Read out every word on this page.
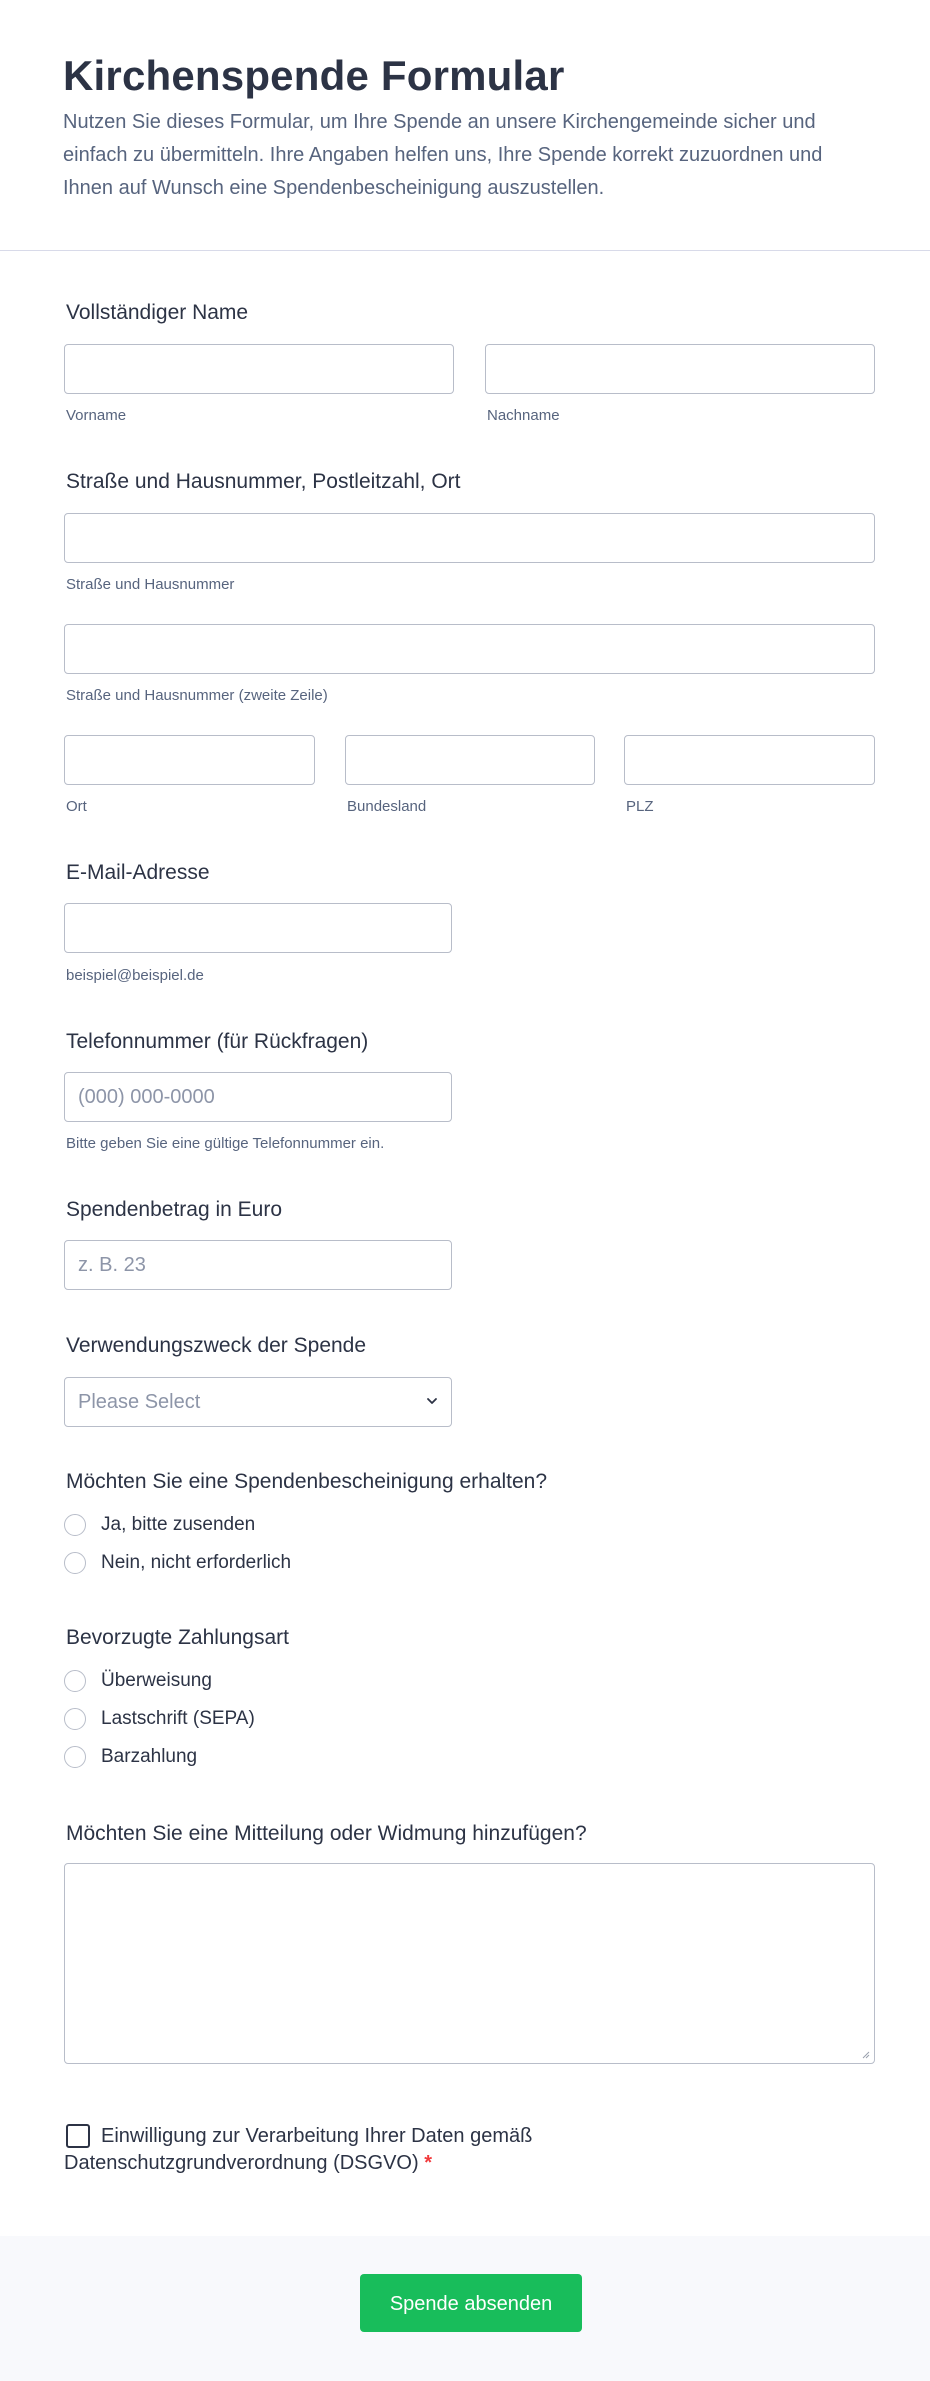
Kirchenspende Formular
Nutzen Sie dieses Formular, um Ihre Spende an unsere Kirchengemeinde sicher und einfach zu übermitteln. Ihre Angaben helfen uns, Ihre Spende korrekt zuzuordnen und Ihnen auf Wunsch eine Spendenbescheinigung auszustellen.
Vollständiger Name
Vorname	Nachname
Straße und Hausnummer, Postleitzahl, Ort
Straße und Hausnummer
Straße und Hausnummer (zweite Zeile)
Ort	Bundesland	PLZ
E-Mail-Adresse
beispiel@beispiel.de
Telefonnummer (für Rückfragen)
(000) 000-0000
Bitte geben Sie eine gültige Telefonnummer ein.
Spendenbetrag in Euro
z. B. 23
Verwendungszweck der Spende
Please Select
Möchten Sie eine Spendenbescheinigung erhalten?
Ja, bitte zusenden
Nein, nicht erforderlich
Bevorzugte Zahlungsart
Überweisung
Lastschrift (SEPA)
Barzahlung
Möchten Sie eine Mitteilung oder Widmung hinzufügen?
Einwilligung zur Verarbeitung Ihrer Daten gemäß
Datenschutzgrundverordnung (DSGVO) *
Spende absenden
